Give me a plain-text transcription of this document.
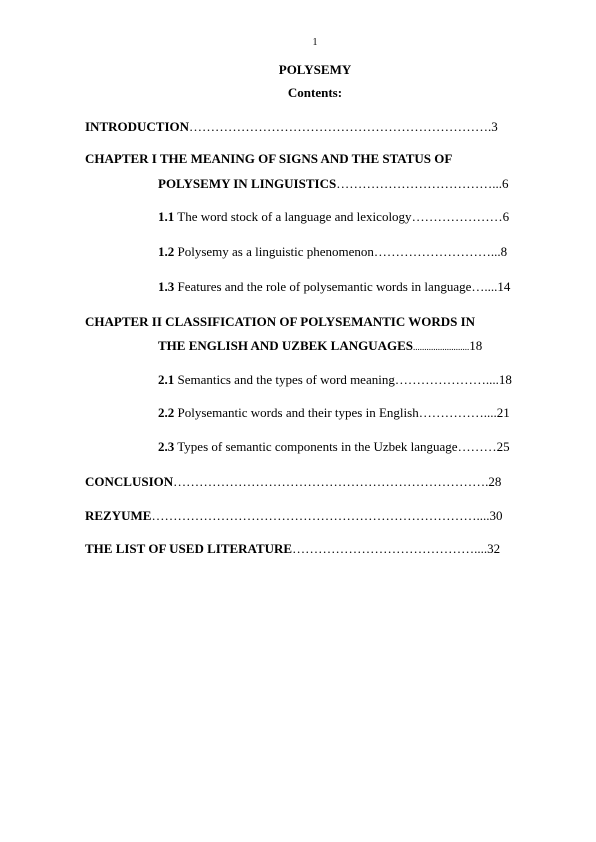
1
POLYSEMY
Contents:
INTRODUCTION…………………………………………………………….3
CHAPTER I THE MEANING OF SIGNS AND THE STATUS OF
POLYSEMY IN LINGUISTICS………………………………...6
1.1 The word stock of a language and lexicology…………………6
1.2 Polysemy as a linguistic phenomenon………………………...8
1.3 Features and the role of polysemantic words in language…....14
CHAPTER II CLASSIFICATION OF POLYSEMANTIC WORDS IN
THE ENGLISH AND UZBEK LANGUAGES.........................18
2.1 Semantics and the types of word meaning…………………....18
2.2 Polysemantic words and their types in English……………....21
2.3 Types of semantic components in the Uzbek language………25
CONCLUSION……………………………………………………………….28
REZYUME…………………………………………………………………....30
THE LIST OF USED LITERATURE……………………………………....32
